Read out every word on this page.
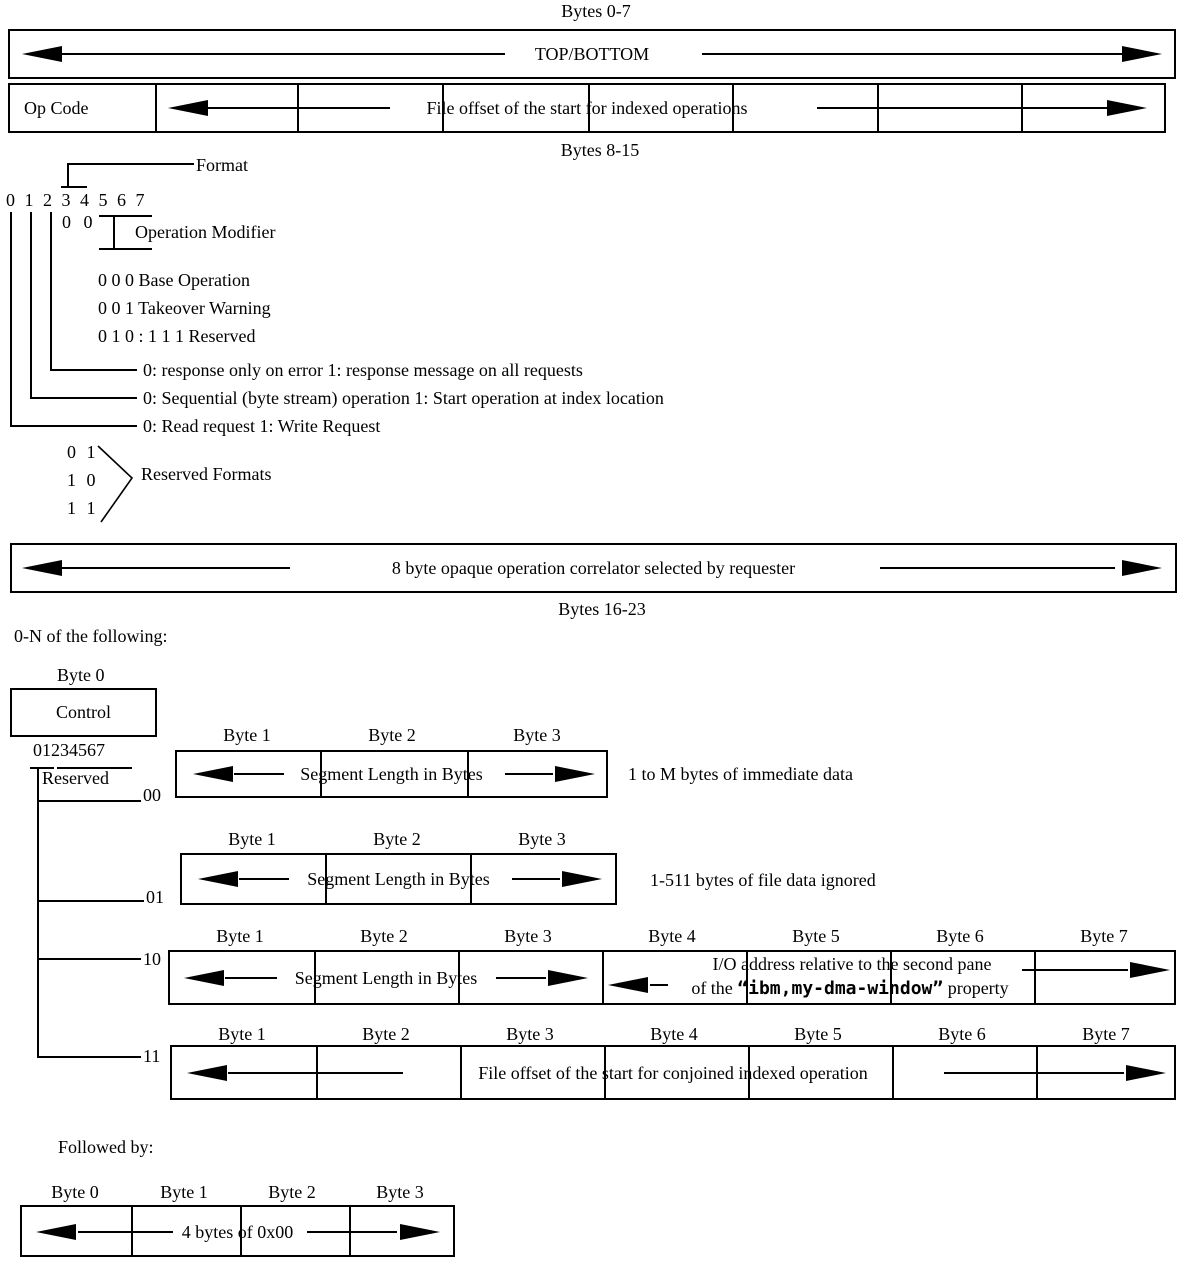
Bytes 0-7
TOP/BOTTOM
Op Code	File offset of the start for indexed operations
Bytes 8-15
Format
0 1 2 3 4 5 6 7
0 0 Operation Modifier
0 0 0 Base Operation
0 0 1 Takeover Warning
0 1 0 : 1 1 1 Reserved
0: response only on error 1: response message on all requests
0: Sequential (byte stream) operation 1: Start operation at index location
0: Read request 1: Write Request
0 1
1 0
1 1
Reserved Formats
8 byte opaque operation correlator selected by requester
Bytes 16-23
0-N of the following:
Byte 0
Control
01234567
Reserved
00
01
10
11
Byte 1	Byte 2	Byte 3
Segment Length in Bytes	1 to M bytes of immediate data
Byte 1	Byte 2	Byte 3
Segment Length in Bytes	1-511 bytes of file data ignored
Byte 1	Byte 2	Byte 3	Byte 4	Byte 5	Byte 6	Byte 7
Segment Length in Bytes
I/O address relative to the second pane
of the “ibm,my-dma-window” property
Byte 1	Byte 2	Byte 3	Byte 4	Byte 5	Byte 6	Byte 7
File offset of the start for conjoined indexed operation
Followed by:
Byte 0	Byte 1	Byte 2	Byte 3
4 bytes of 0x00
